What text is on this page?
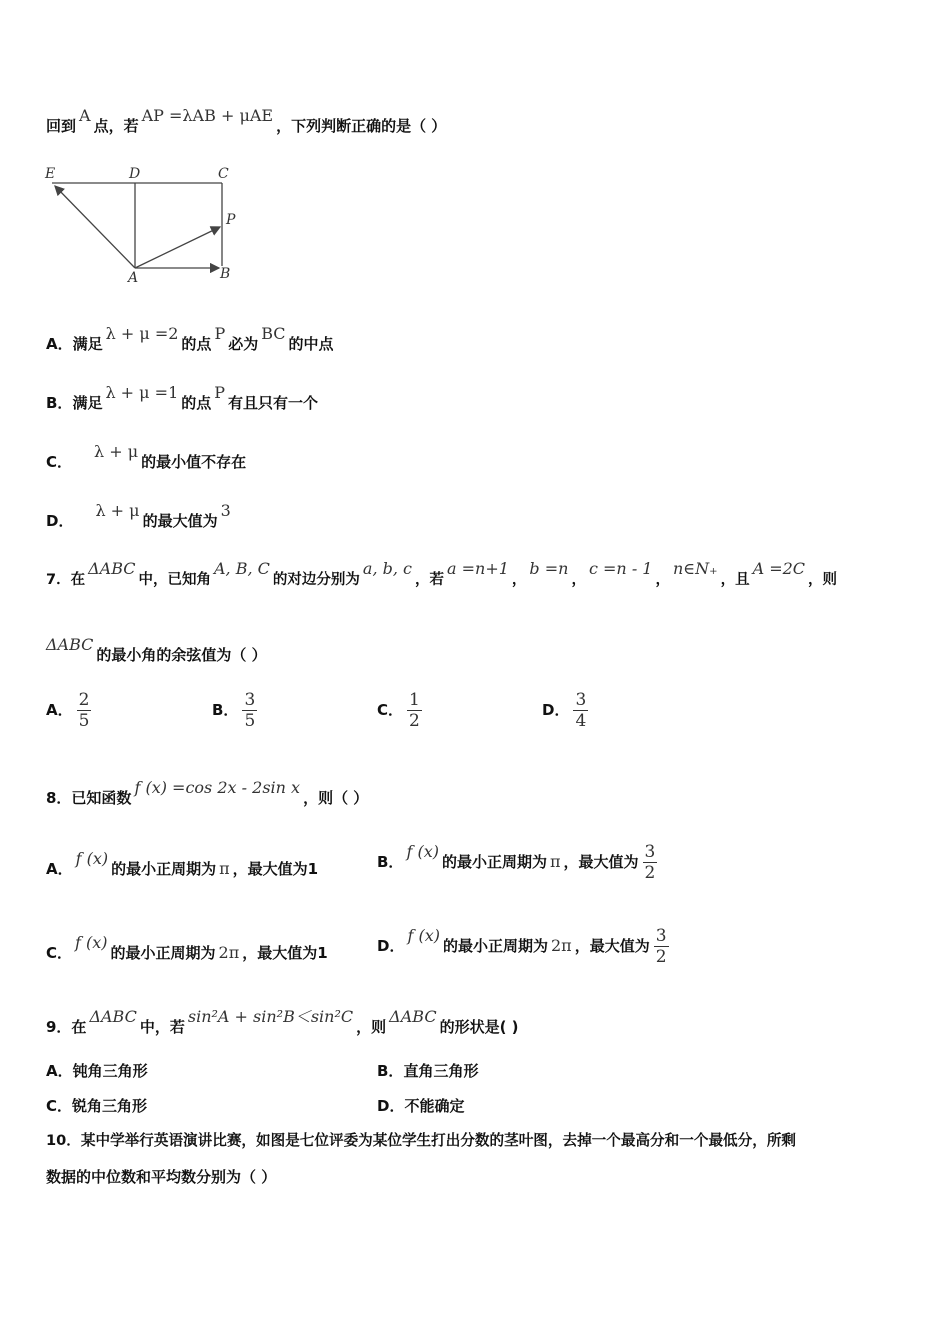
回到A点，若AP =λAB + μAE，下列判断正确的是（ ）
E	D	C
P
A	B
A．满足λ + μ =2的点P必为BC的中点
B．满足λ + μ =1的点P有且只有一个
C．λ + μ的最小值不存在
D．λ + μ的最大值为3
7．在ΔABC中，已知角A, B, C的对边分别为a, b, c，若a =n+1，b =n，c =n - 1，n∈N₊，且A =2C，则
ΔABC的最小角的余弦值为（ ）
A． $\frac{2}{5}$	B． $\frac{3}{5}$	C． $\frac{1}{2}$	D． $\frac{3}{4}$
8．已知函数f (x) =cos 2x - 2sin x，则（ ）
A．f (x)的最小正周期为 π ，最大值为1	B．f (x)的最小正周期为 π ，最大值为 $\frac{3}{2}$
C．f (x)的最小正周期为 2π ，最大值为1	D．f (x)的最小正周期为 2π ，最大值为 $\frac{3}{2}$
9．在ΔABC中，若sin²A + sin²B＜sin²C，则ΔABC的形状是( )
A．钝角三角形	B．直角三角形
C．锐角三角形	D．不能确定
10．某中学举行英语演讲比赛，如图是七位评委为某位学生打出分数的茎叶图，去掉一个最高分和一个最低分，所剩
数据的中位数和平均数分别为（ ）
